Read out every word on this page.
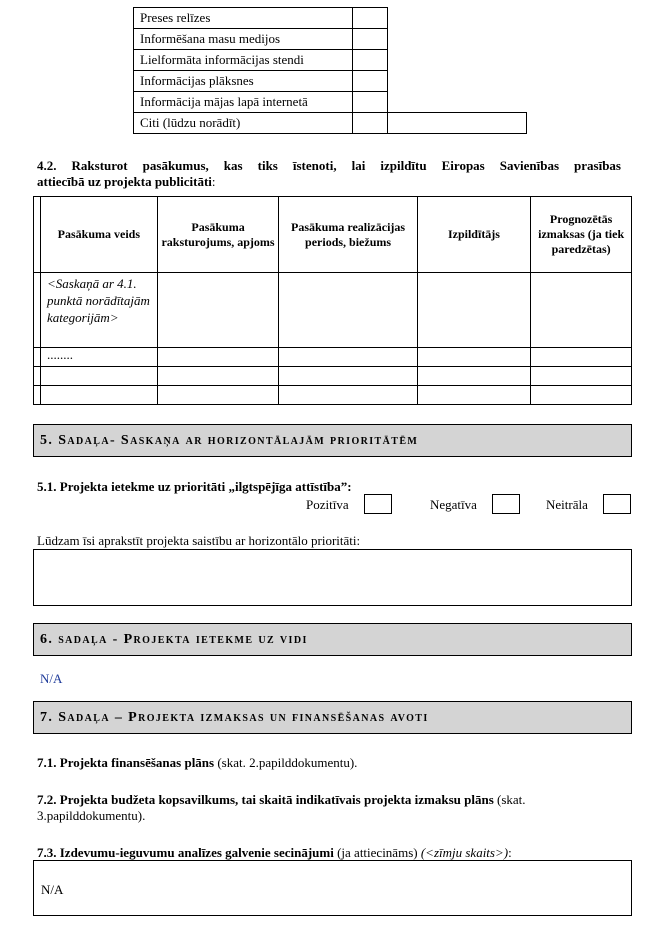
Preses relīzes		
Informēšana masu medijos		
Lielformāta informācijas stendi		
Informācijas plāksnes		
Informācija mājas lapā internetā		
Citi (lūdzu norādīt)		
4.2. Raksturot pasākumus, kas tiks īstenoti, lai izpildītu Eiropas Savienības prasības
attiecībā uz projekta publicitāti:
	Pasākuma veids	Pasākuma raksturojums, apjoms	Pasākuma realizācijas periods, biežums	Izpildītājs	Prognozētās izmaksas (ja tiek paredzētas)
	<Saskaņā ar 4.1. punktā norādītajām kategorijām>				
	........				

5. Sadaļa- Saskaņa ar horizontālajām prioritātēm
5.1. Projekta ietekme uz prioritāti „ilgtspējīga attīstība”:
Pozitīva	Negatīva	Neitrāla
Lūdzam īsi aprakstīt projekta saistību ar horizontālo prioritāti:
6. sadaļa - Projekta ietekme uz vidi
N/A
7. Sadaļa – Projekta izmaksas un finansēšanas avoti
7.1. Projekta finansēšanas plāns (skat. 2.papilddokumentu).
7.2. Projekta budžeta kopsavilkums, tai skaitā indikatīvais projekta izmaksu plāns (skat. 3.papilddokumentu).
7.3. Izdevumu-ieguvumu analīzes galvenie secinājumi (ja attiecināms) (<zīmju skaits>):
N/A
